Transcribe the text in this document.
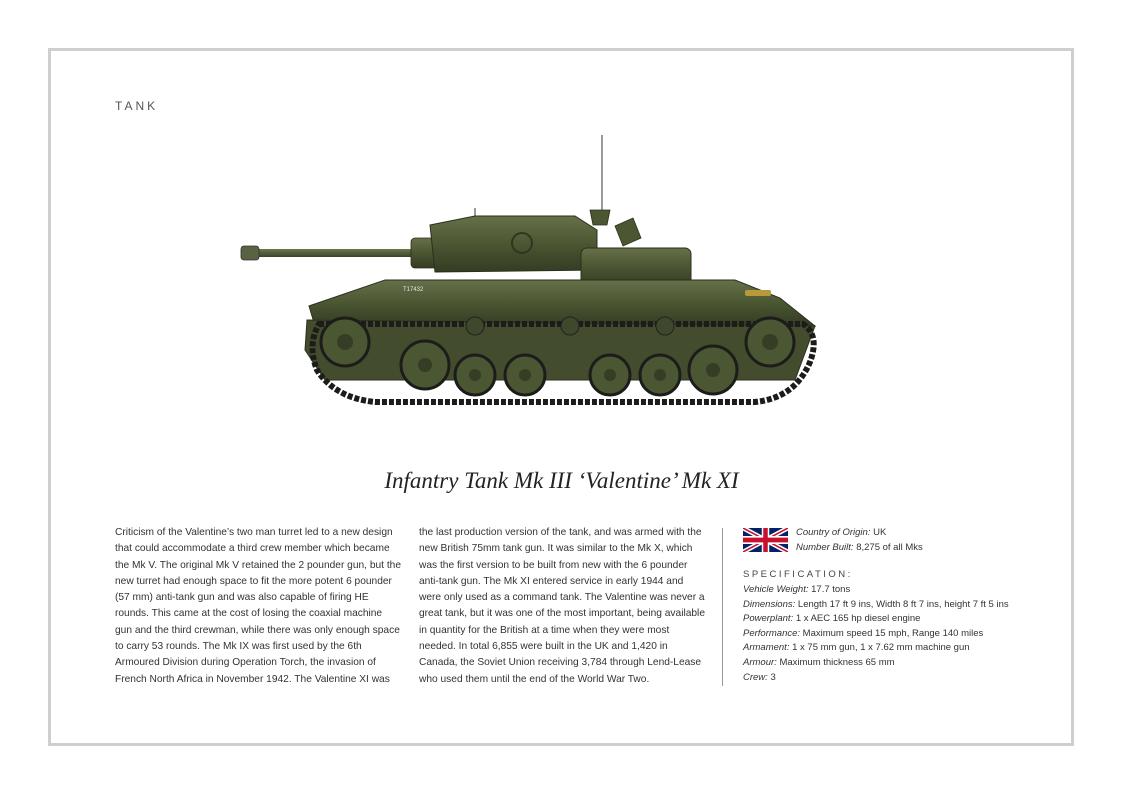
TANK
T17432
Infantry Tank Mk III ‘Valentine’ Mk XI
Criticism of the Valentine’s two man turret led to a new design that could accommodate a third crew member which became the Mk V. The original Mk V retained the 2 pounder gun, but the new turret had enough space to fit the more potent 6 pounder (57 mm) anti-tank gun and was also capable of firing HE rounds. This came at the cost of losing the coaxial machine gun and the third crewman, while there was only enough space to carry 53 rounds. The Mk IX was first used by the 6th Armoured Division during Operation Torch, the invasion of French North Africa in November 1942. The Valentine XI was
the last production version of the tank, and was armed with the new British 75mm tank gun. It was similar to the Mk X, which was the first version to be built from new with the 6 pounder anti-tank gun. The Mk XI entered service in early 1944 and were only used as a command tank. The Valentine was never a great tank, but it was one of the most important, being available in quantity for the British at a time when they were most needed. In total 6,855 were built in the UK and 1,420 in Canada, the Soviet Union receiving 3,784 through Lend-Lease who used them until the end of the World War Two.
Country of Origin: UK
Number Built: 8,275 of all Mks
SPECIFICATION:
Vehicle Weight: 17.7 tons
Dimensions: Length 17 ft 9 ins, Width 8 ft 7 ins, height 7 ft 5 ins
Powerplant: 1 x AEC 165 hp diesel engine
Performance: Maximum speed 15 mph, Range 140 miles
Armament: 1 x 75 mm gun, 1 x 7.62 mm machine gun
Armour: Maximum thickness 65 mm
Crew: 3
